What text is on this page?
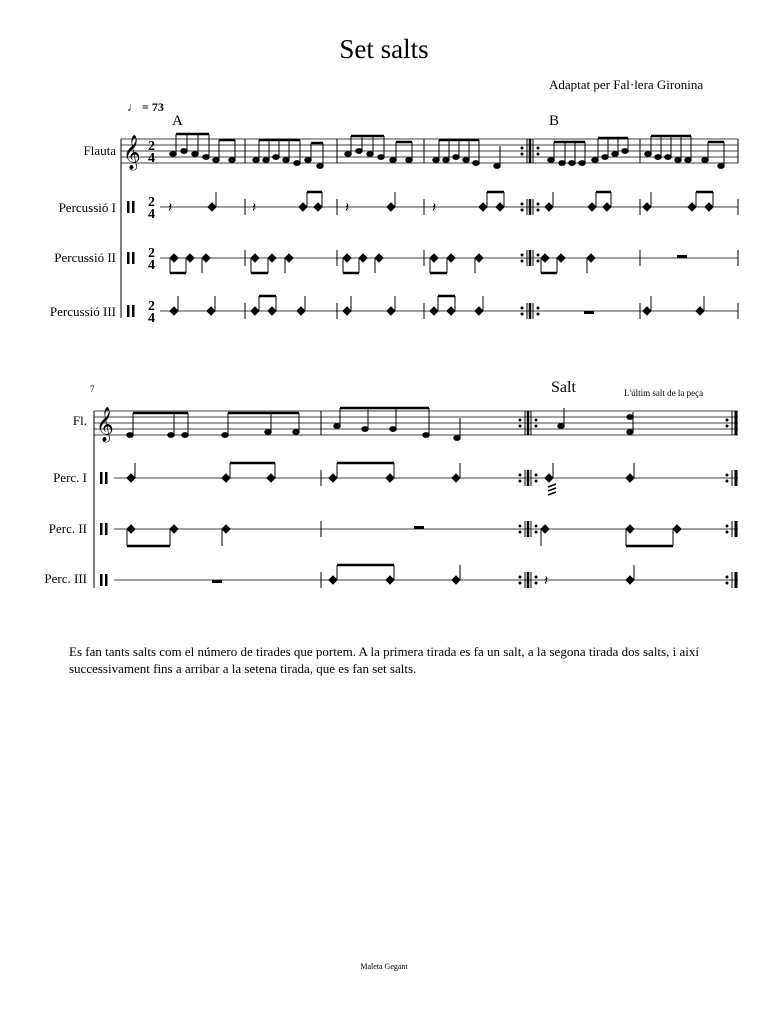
Set salts
Adaptat per Fal·lera Gironina
♩ = 73
A	B
Salt	L'últim salt de la peça
Flauta
Percussió I
Percussió II
Percussió III
Fl.
Perc. I
Perc. II
Perc. III
7
Es fan tants salts com el número de tirades que portem. A la primera tirada es fa un salt, a la segona tirada dos salts, i així successivament fins a arribar a la setena tirada, que es fan set salts.
Maleta Gegant
𝄞 2
4
2
4
2
4
2
4
𝄽	𝄽	𝄽	𝄽
𝄞
𝄽
